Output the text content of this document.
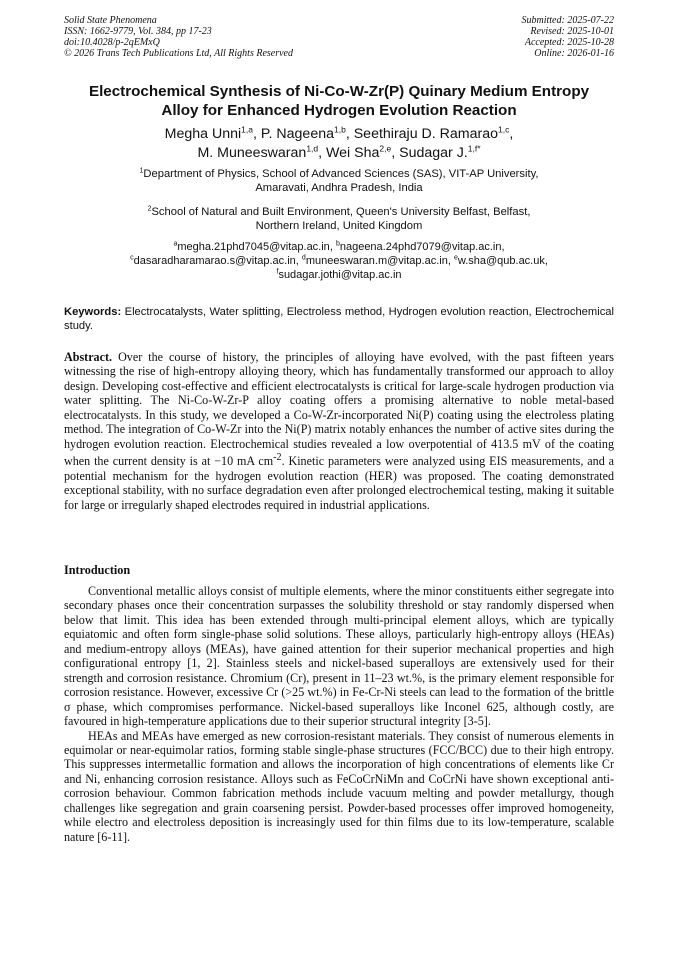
Solid State Phenomena
ISSN: 1662-9779, Vol. 384, pp 17-23
doi:10.4028/p-2qEMxQ
© 2026 Trans Tech Publications Ltd, All Rights Reserved
Submitted: 2025-07-22
Revised: 2025-10-01
Accepted: 2025-10-28
Online: 2026-01-16
Electrochemical Synthesis of Ni-Co-W-Zr(P) Quinary Medium Entropy
Alloy for Enhanced Hydrogen Evolution Reaction
Megha Unni$^{1,a}$, P. Nageena$^{1,b}$, Seethiraju D. Ramarao$^{1,c}$,
M. Muneeswaran$^{1,d}$, Wei Sha$^{2,e}$, Sudagar J.$^{1,f*}$
$^1$Department of Physics, School of Advanced Sciences (SAS), VIT-AP University,
Amaravati, Andhra Pradesh, India
$^2$School of Natural and Built Environment, Queen's University Belfast, Belfast,
Northern Ireland, United Kingdom
$^a$megha.21phd7045@vitap.ac.in, $^b$nageena.24phd7079@vitap.ac.in,
$^c$dasaradharamarao.s@vitap.ac.in, $^d$muneeswaran.m@vitap.ac.in, $^e$w.sha@qub.ac.uk,
$^f$sudagar.jothi@vitap.ac.in
Keywords: Electrocatalysts, Water splitting, Electroless method, Hydrogen evolution reaction, Electrochemical study.

Abstract. Over the course of history, the principles of alloying have evolved, with the past fifteen years witnessing the rise of high-entropy alloying theory, which has fundamentally transformed our approach to alloy design. Developing cost-effective and efficient electrocatalysts is critical for large-scale hydrogen production via water splitting. The Ni-Co-W-Zr-P alloy coating offers a promising alternative to noble metal-based electrocatalysts. In this study, we developed a Co-W-Zr-incorporated Ni(P) coating using the electroless plating method. The integration of Co-W-Zr into the Ni(P) matrix notably enhances the number of active sites during the hydrogen evolution reaction. Electrochemical studies revealed a low overpotential of 413.5 mV of the coating when the current density is at −10 mA $cm^{-2}$. Kinetic parameters were analyzed using EIS measurements, and a potential mechanism for the hydrogen evolution reaction (HER) was proposed. The coating demonstrated exceptional stability, with no surface degradation even after prolonged electrochemical testing, making it suitable for large or irregularly shaped electrodes required in industrial applications.

Introduction

Conventional metallic alloys consist of multiple elements, where the minor constituents either segregate into secondary phases once their concentration surpasses the solubility threshold or stay randomly dispersed when below that limit. This idea has been extended through multi-principal element alloys, which are typically equiatomic and often form single-phase solid solutions. These alloys, particularly high-entropy alloys (HEAs) and medium-entropy alloys (MEAs), have gained attention for their superior mechanical properties and high configurational entropy [1, 2]. Stainless steels and nickel-based superalloys are extensively used for their strength and corrosion resistance. Chromium (Cr), present in 11–23 wt.%, is the primary element responsible for corrosion resistance. However, excessive Cr (>25 wt.%) in Fe-Cr-Ni steels can lead to the formation of the brittle σ phase, which compromises performance. Nickel-based superalloys like Inconel 625, although costly, are favoured in high-temperature applications due to their superior structural integrity [3-5].

HEAs and MEAs have emerged as new corrosion-resistant materials. They consist of numerous elements in equimolar or near-equimolar ratios, forming stable single-phase structures (FCC/BCC) due to their high entropy. This suppresses intermetallic formation and allows the incorporation of high concentrations of elements like Cr and Ni, enhancing corrosion resistance. Alloys such as FeCoCrNiMn and CoCrNi have shown exceptional anti-corrosion behaviour. Common fabrication methods include vacuum melting and powder metallurgy, though challenges like segregation and grain coarsening persist. Powder-based processes offer improved homogeneity, while electro and electroless deposition is increasingly used for thin films due to its low-temperature, scalable nature [6-11].
